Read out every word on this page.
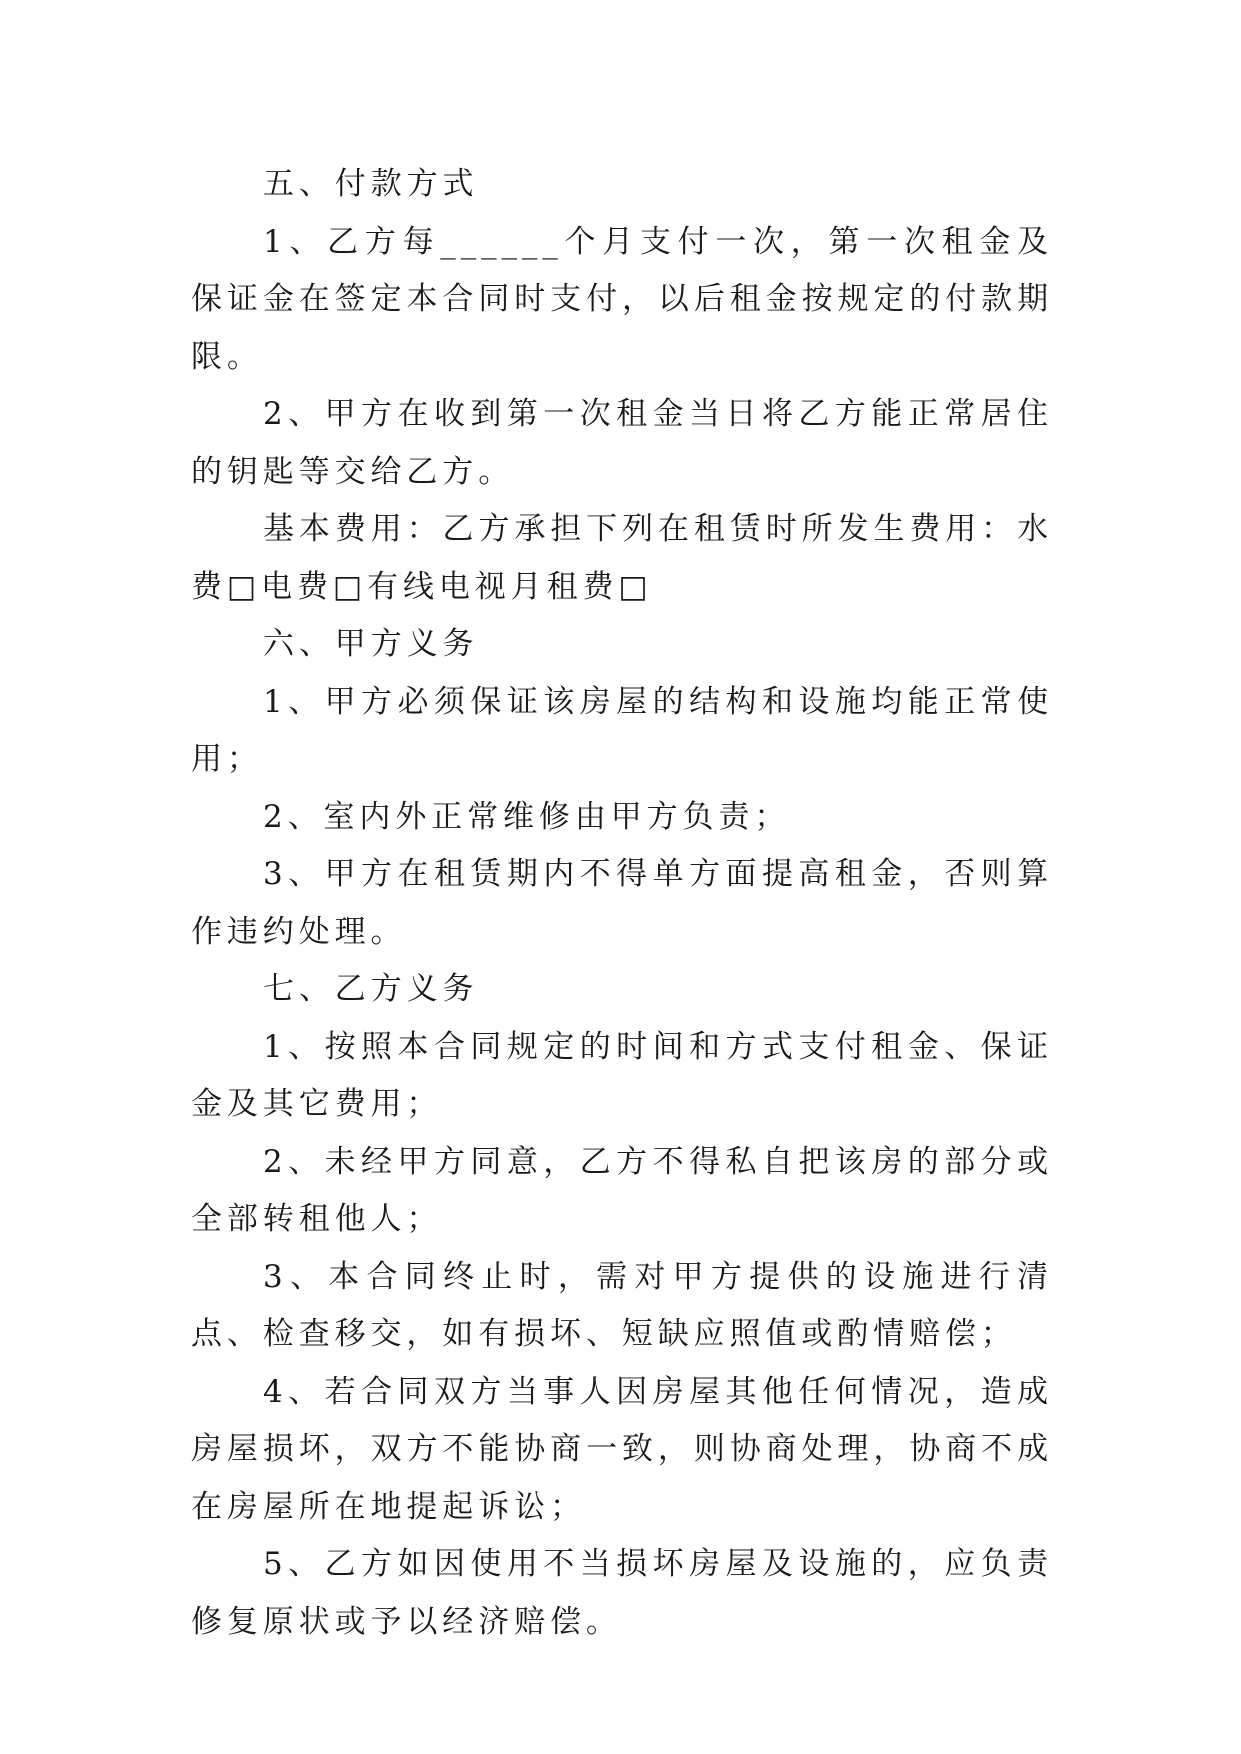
五、付款方式

1、乙方每______个月支付一次，第一次租金及保证金在签定本合同时支付，以后租金按规定的付款期限。

2、甲方在收到第一次租金当日将乙方能正常居住的钥匙等交给乙方。

基本费用：乙方承担下列在租赁时所发生费用：水费□电费□有线电视月租费□

六、甲方义务

1、甲方必须保证该房屋的结构和设施均能正常使用；

2、室内外正常维修由甲方负责；

3、甲方在租赁期内不得单方面提高租金，否则算作违约处理。

七、乙方义务

1、按照本合同规定的时间和方式支付租金、保证金及其它费用；

2、未经甲方同意，乙方不得私自把该房的部分或全部转租他人；

3、本合同终止时，需对甲方提供的设施进行清点、检查移交，如有损坏、短缺应照值或酌情赔偿；

4、若合同双方当事人因房屋其他任何情况，造成房屋损坏，双方不能协商一致，则协商处理，协商不成在房屋所在地提起诉讼；

5、乙方如因使用不当损坏房屋及设施的，应负责修复原状或予以经济赔偿。
